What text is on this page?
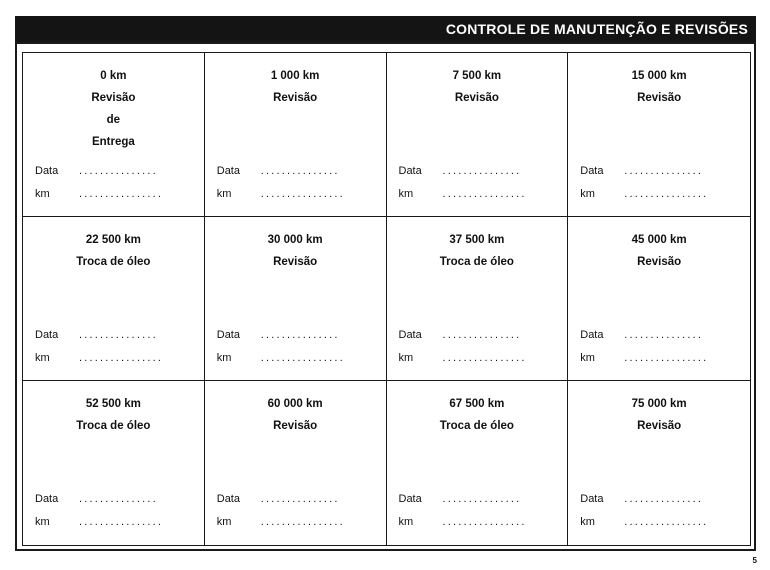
CONTROLE DE MANUTENÇÃO E REVISÕES
0 km
Revisão
de
Entrega
Data	...............
km	................
1 000 km
Revisão
Data	...............
km	................
7 500 km
Revisão
Data	...............
km	................
15 000 km
Revisão
Data	...............
km	................
22 500 km
Troca de óleo
Data	...............
km	................
30 000 km
Revisão
Data	...............
km	................
37 500 km
Troca de óleo
Data	...............
km	................
45 000 km
Revisão
Data	...............
km	................
52 500 km
Troca de óleo
Data	...............
km	................
60 000 km
Revisão
Data	...............
km	................
67 500 km
Troca de óleo
Data	...............
km	................
75 000 km
Revisão
Data	...............
km	................
5
